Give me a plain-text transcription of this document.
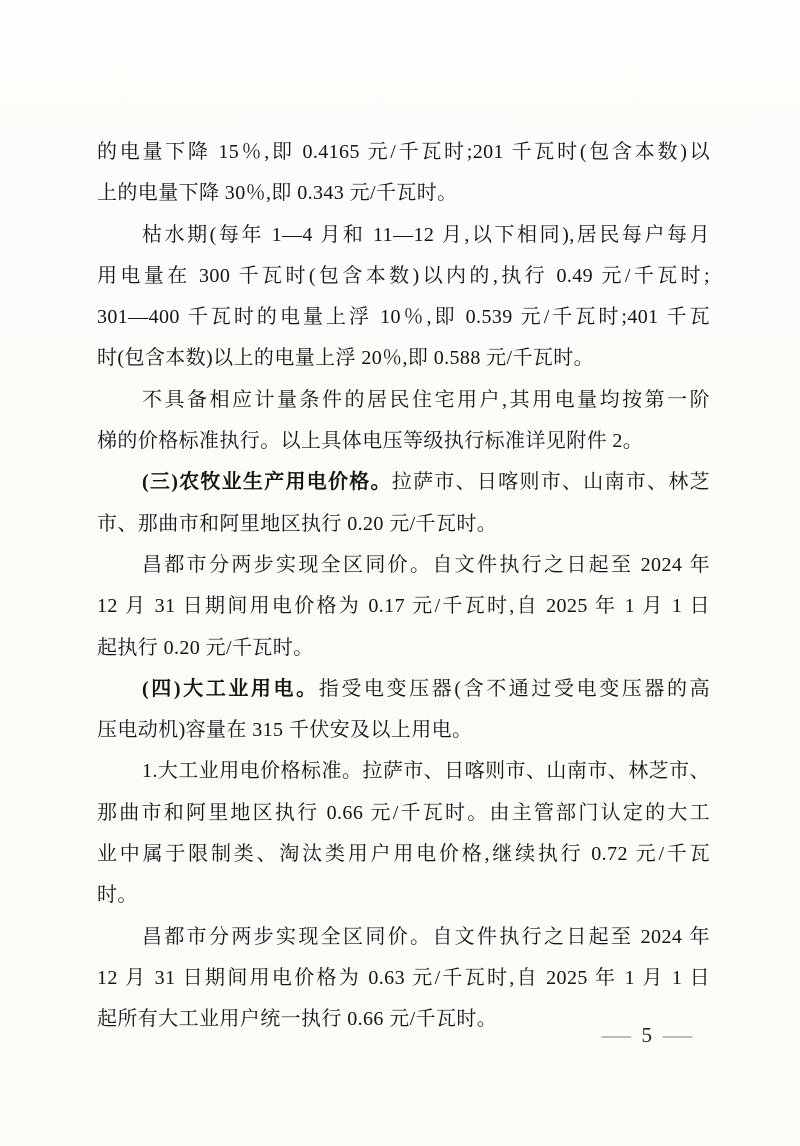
的电量下降 15％,即 0.4165 元/千瓦时;201 千瓦时(包含本数)以
上的电量下降 30％,即 0.343 元/千瓦时。
枯水期(每年 1—4 月和 11—12 月,以下相同),居民每户每月
用电量在 300 千瓦时(包含本数)以内的,执行 0.49 元/千瓦时;
301—400 千瓦时的电量上浮 10％,即 0.539 元/千瓦时;401 千瓦
时(包含本数)以上的电量上浮 20％,即 0.588 元/千瓦时。
不具备相应计量条件的居民住宅用户,其用电量均按第一阶
梯的价格标准执行。以上具体电压等级执行标准详见附件 2。
(三)农牧业生产用电价格。拉萨市、日喀则市、山南市、林芝
市、那曲市和阿里地区执行 0.20 元/千瓦时。
昌都市分两步实现全区同价。自文件执行之日起至 2024 年
12 月 31 日期间用电价格为 0.17 元/千瓦时,自 2025 年 1 月 1 日
起执行 0.20 元/千瓦时。
(四)大工业用电。指受电变压器(含不通过受电变压器的高
压电动机)容量在 315 千伏安及以上用电。
1.大工业用电价格标准。拉萨市、日喀则市、山南市、林芝市、
那曲市和阿里地区执行 0.66 元/千瓦时。由主管部门认定的大工
业中属于限制类、淘汰类用户用电价格,继续执行 0.72 元/千瓦
时。
昌都市分两步实现全区同价。自文件执行之日起至 2024 年
12 月 31 日期间用电价格为 0.63 元/千瓦时,自 2025 年 1 月 1 日
起所有大工业用户统一执行 0.66 元/千瓦时。
— 5 —
